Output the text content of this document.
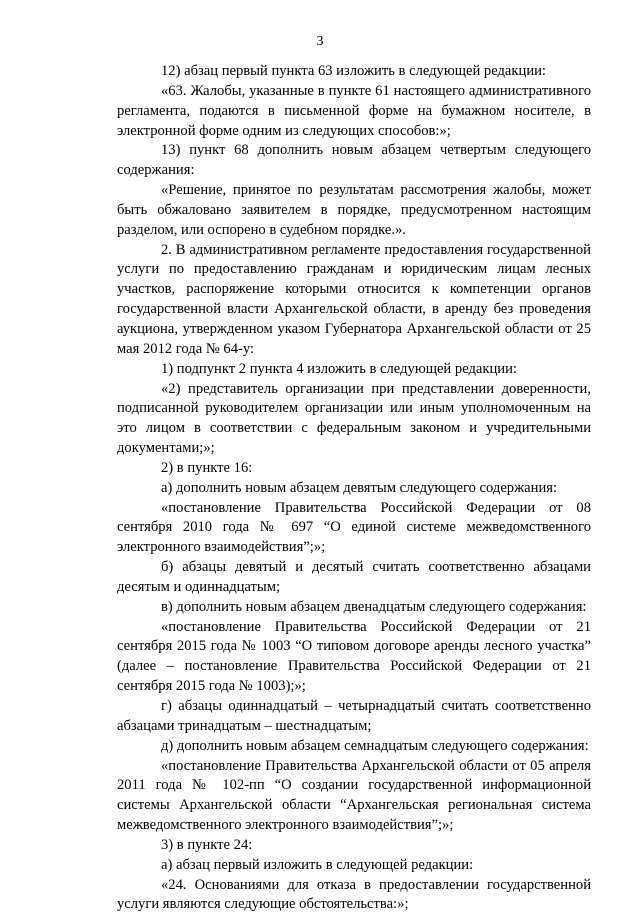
3

12) абзац первый пункта 63 изложить в следующей редакции:

«63. Жалобы, указанные в пункте 61 настоящего административного регламента, подаются в письменной форме на бумажном носителе, в электронной форме одним из следующих способов:»;

13) пункт 68 дополнить новым абзацем четвертым следующего содержания:

«Решение, принятое по результатам рассмотрения жалобы, может быть обжаловано заявителем в порядке, предусмотренном настоящим разделом, или оспорено в судебном порядке.».

2. В административном регламенте предоставления государственной услуги по предоставлению гражданам и юридическим лицам лесных участков, распоряжение которыми относится к компетенции органов государственной власти Архангельской области, в аренду без проведения аукциона, утвержденном указом Губернатора Архангельской области от 25 мая 2012 года № 64-у:

1) подпункт 2 пункта 4 изложить в следующей редакции:

«2) представитель организации при представлении доверенности, подписанной руководителем организации или иным уполномоченным на это лицом в соответствии с федеральным законом и учредительными документами;»;

2) в пункте 16:

а) дополнить новым абзацем девятым следующего содержания:

«постановление Правительства Российской Федерации от 08 сентября 2010 года № 697 “О единой системе межведомственного электронного взаимодействия”;»;

б) абзацы девятый и десятый считать соответственно абзацами десятым и одиннадцатым;

в) дополнить новым абзацем двенадцатым следующего содержания:

«постановление Правительства Российской Федерации от 21 сентября 2015 года № 1003 “О типовом договоре аренды лесного участка” (далее – постановление Правительства Российской Федерации от 21 сентября 2015 года № 1003);»;

г) абзацы одиннадцатый – четырнадцатый считать соответственно абзацами тринадцатым – шестнадцатым;

д) дополнить новым абзацем семнадцатым следующего содержания:

«постановление Правительства Архангельской области от 05 апреля 2011 года № 102-пп “О создании государственной информационной системы Архангельской области “Архангельская региональная система межведомственного электронного взаимодействия”;»;

3) в пункте 24:

а) абзац первый изложить в следующей редакции:

«24. Основаниями для отказа в предоставлении государственной услуги являются следующие обстоятельства:»;
